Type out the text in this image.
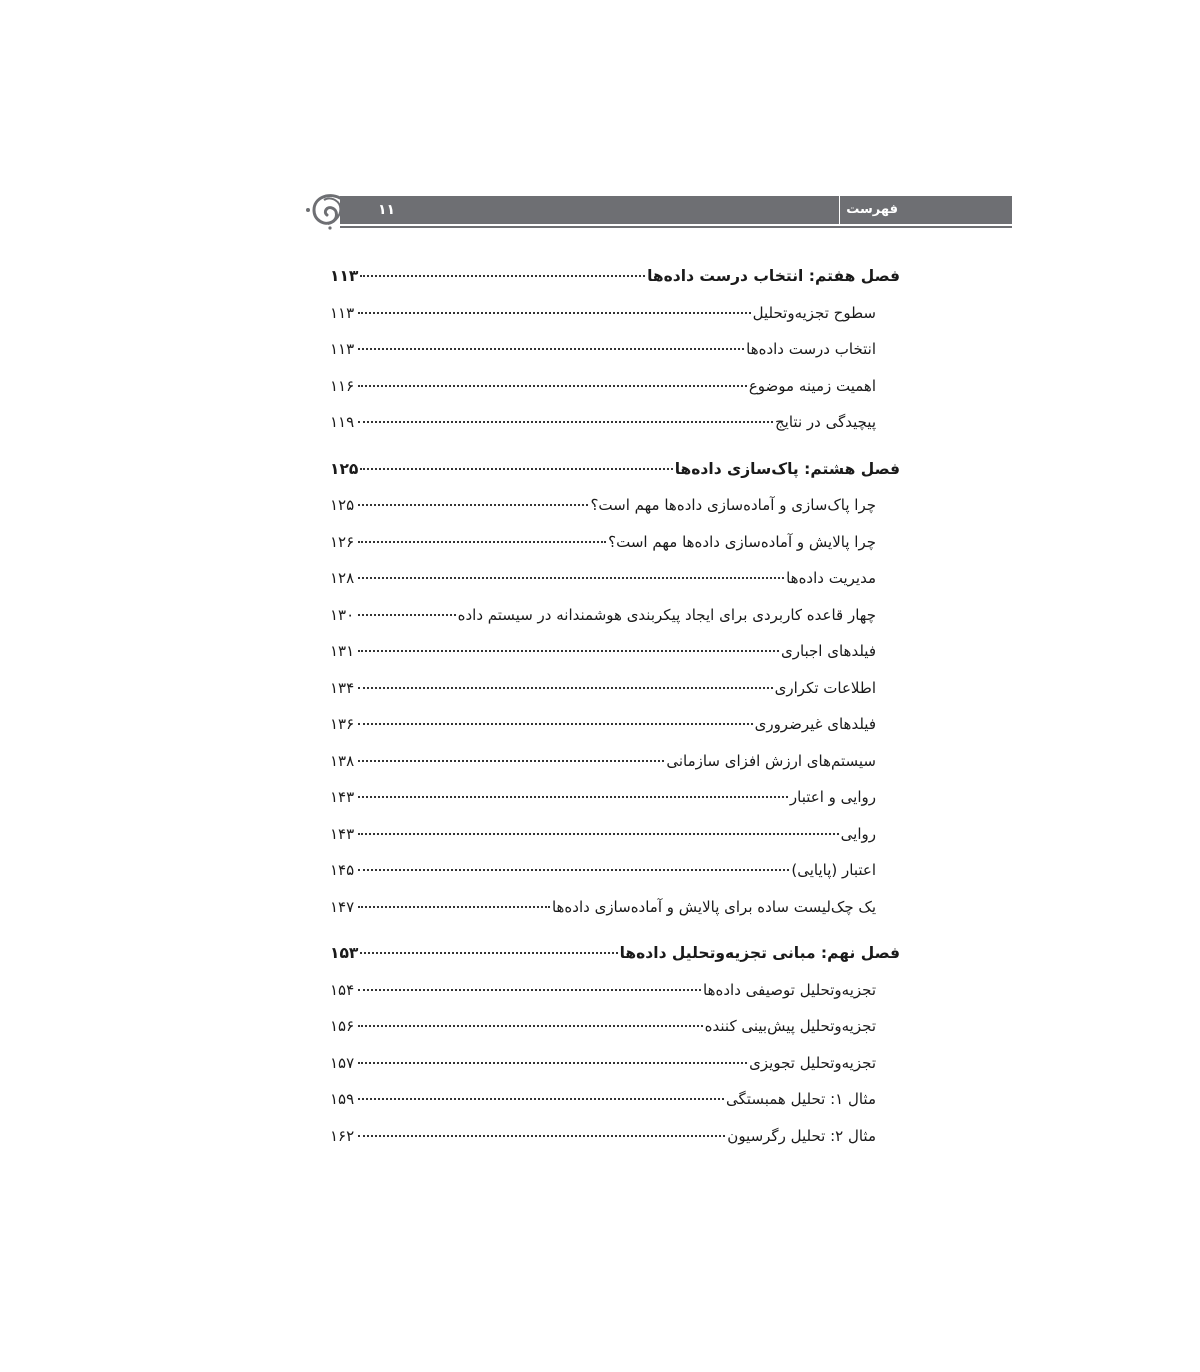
۱۱	فهرست
فصل هفتم: انتخاب درست داده‌ها
۱۱۳
سطوح تجزیه‌وتحلیل
۱۱۳
انتخاب درست داده‌ها
۱۱۳
اهمیت زمینه موضوع
۱۱۶
پیچیدگی در نتایج
۱۱۹
فصل هشتم: پاک‌سازی داده‌ها
۱۲۵
چرا پاک‌سازی و آماده‌سازی داده‌ها مهم است؟
۱۲۵
چرا پالایش و آماده‌سازی داده‌ها مهم است؟
۱۲۶
مدیریت داده‌ها
۱۲۸
چهار قاعده کاربردی برای ایجاد پیکربندی هوشمندانه در سیستم داده
۱۳۰
فیلدهای اجباری
۱۳۱
اطلاعات تکراری
۱۳۴
فیلدهای غیرضروری
۱۳۶
سیستم‌های ارزش افزای سازمانی
۱۳۸
روایی و اعتبار
۱۴۳
روایی
۱۴۳
اعتبار (پایایی)
۱۴۵
یک چک‌لیست ساده برای پالایش و آماده‌سازی داده‌ها
۱۴۷
فصل نهم: مبانی تجزیه‌وتحلیل داده‌ها
۱۵۳
تجزیه‌وتحلیل توصیفی داده‌ها
۱۵۴
تجزیه‌وتحلیل پیش‌بینی کننده
۱۵۶
تجزیه‌وتحلیل تجویزی
۱۵۷
مثال ۱: تحلیل همبستگی
۱۵۹
مثال ۲: تحلیل رگرسیون
۱۶۲
